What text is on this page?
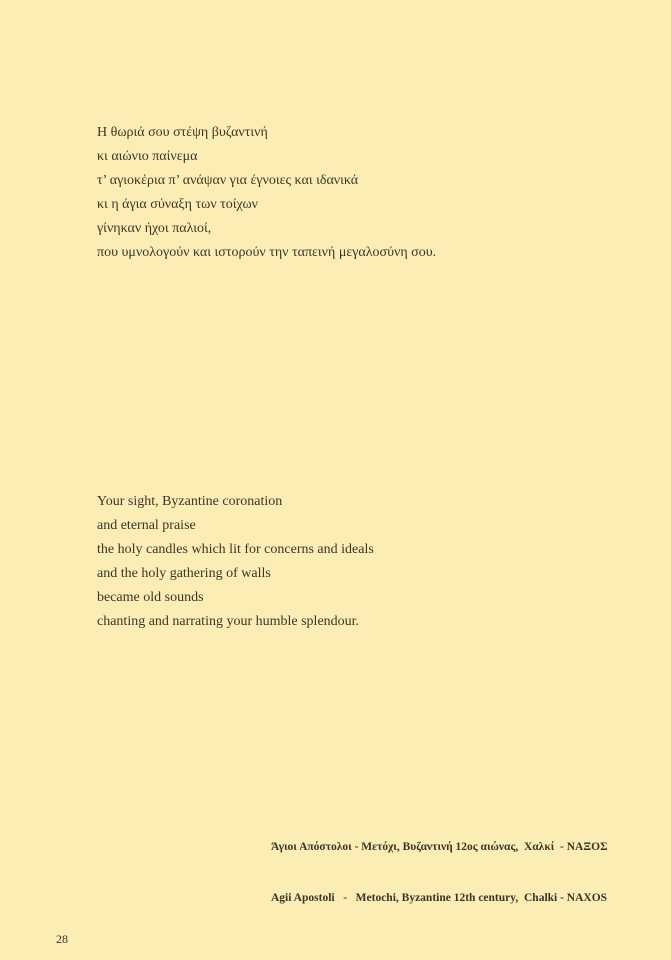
Η θωριά σου στέψη βυζαντινή
κι αιώνιο παίνεμα
τ’ αγιοκέρια π’ ανάψαν για έγνοιες και ιδανικά
κι η άγια σύναξη των τοίχων
γίνηκαν ήχοι παλιοί,
που υμνολογούν και ιστορούν την ταπεινή μεγαλοσύνη σου.
Your sight, Byzantine coronation
and eternal praise
the holy candles which lit for concerns and ideals
and the holy gathering of walls
became old sounds
chanting and narrating your humble splendour.

Άγιοι Απόστολοι - Μετόχι, Βυζαντινή 12ος αιώνας,  Χαλκί  - ΝΑΞΟΣ

Agii Apostoli   -   Metochi, Byzantine 12th century,  Chalki - NAXOS

28
